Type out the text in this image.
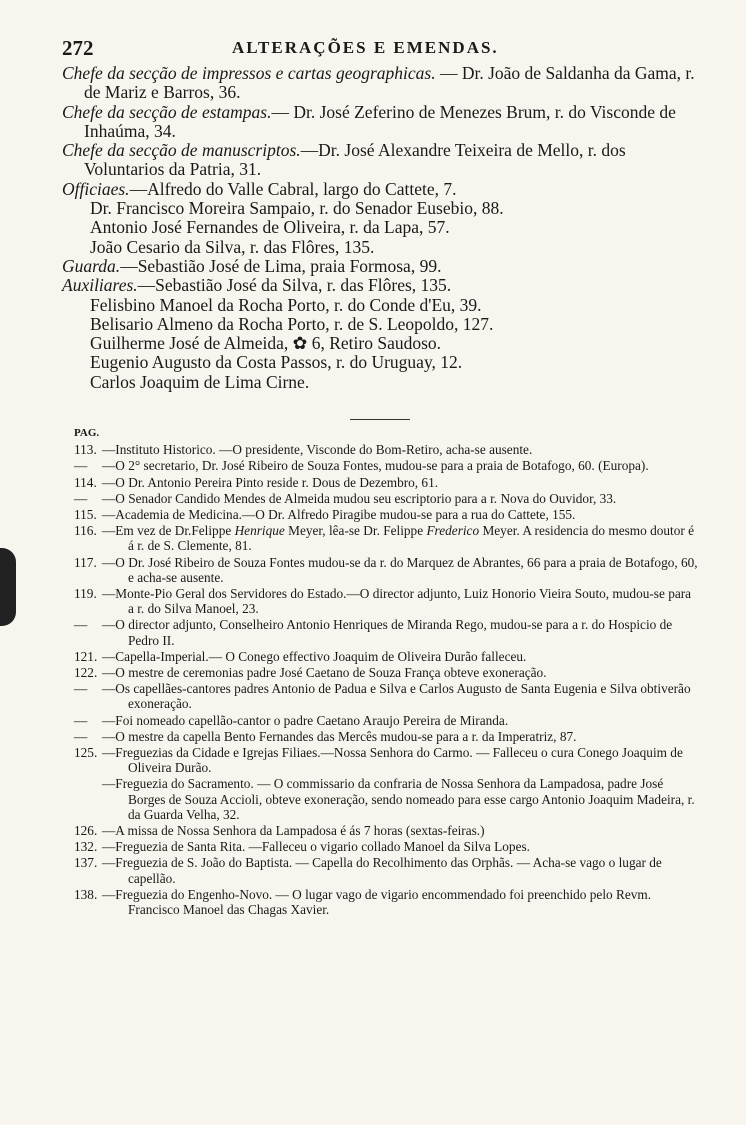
272	ALTERAÇÕES E EMENDAS.

Chefe da secção de impressos e cartas geographicas. — Dr. João de Saldanha da Gama, r. de Mariz e Barros, 36.

Chefe da secção de estampas.— Dr. José Zeferino de Menezes Brum, r. do Visconde de Inhaúma, 34.

Chefe da secção de manuscriptos.—Dr. José Alexandre Teixeira de Mello, r. dos Voluntarios da Patria, 31.

Officiaes.—Alfredo do Valle Cabral, largo do Cattete, 7.

Dr. Francisco Moreira Sampaio, r. do Senador Eusebio, 88.

Antonio José Fernandes de Oliveira, r. da Lapa, 57.

João Cesario da Silva, r. das Flôres, 135.

Guarda.—Sebastião José de Lima, praia Formosa, 99.

Auxiliares.—Sebastião José da Silva, r. das Flôres, 135.

Felisbino Manoel da Rocha Porto, r. do Conde d'Eu, 39.

Belisario Almeno da Rocha Porto, r. de S. Leopoldo, 127.

Guilherme José de Almeida, ✿ 6, Retiro Saudoso.

Eugenio Augusto da Costa Passos, r. do Uruguay, 12.

Carlos Joaquim de Lima Cirne.

PAG.

113. —Instituto Historico. —O presidente, Visconde do Bom-Retiro, acha-se ausente.

— —O 2° secretario, Dr. José Ribeiro de Souza Fontes, mudou-se para a praia de Botafogo, 60. (Europa).

114. —O Dr. Antonio Pereira Pinto reside r. Dous de Dezembro, 61.

— —O Senador Candido Mendes de Almeida mudou seu escriptorio para a r. Nova do Ouvidor, 33.

115. —Academia de Medicina.—O Dr. Alfredo Piragibe mudou-se para a rua do Cattete, 155.

116. —Em vez de Dr.Felippe Henrique Meyer, lêa-se Dr. Felippe Frederico Meyer. A residencia do mesmo doutor é á r. de S. Clemente, 81.

117. —O Dr. José Ribeiro de Souza Fontes mudou-se da r. do Marquez de Abrantes, 66 para a praia de Botafogo, 60, e acha-se ausente.

119. —Monte-Pio Geral dos Servidores do Estado.—O director adjunto, Luiz Honorio Vieira Souto, mudou-se para a r. do Silva Manoel, 23.

— —O director adjunto, Conselheiro Antonio Henriques de Miranda Rego, mudou-se para a r. do Hospicio de Pedro II.

121. —Capella-Imperial.— O Conego effectivo Joaquim de Oliveira Durão falleceu.

122. —O mestre de ceremonias padre José Caetano de Souza França obteve exoneração.

— —Os capellães-cantores padres Antonio de Padua e Silva e Carlos Augusto de Santa Eugenia e Silva obtiverão exoneração.

— —Foi nomeado capellão-cantor o padre Caetano Araujo Pereira de Miranda.

— —O mestre da capella Bento Fernandes das Mercês mudou-se para a r. da Imperatriz, 87.

125. —Freguezias da Cidade e Igrejas Filiaes.—Nossa Senhora do Carmo. — Falleceu o cura Conego Joaquim de Oliveira Durão.

—Freguezia do Sacramento. — O commissario da confraria de Nossa Senhora da Lampadosa, padre José Borges de Souza Accioli, obteve exoneração, sendo nomeado para esse cargo Antonio Joaquim Madeira, r. da Guarda Velha, 32.

126. —A missa de Nossa Senhora da Lampadosa é ás 7 horas (sextas-feiras.)

132. —Freguezia de Santa Rita. —Falleceu o vigario collado Manoel da Silva Lopes.

137. —Freguezia de S. João do Baptista. — Capella do Recolhimento das Orphãs. — Acha-se vago o lugar de capellão.

138. —Freguezia do Engenho-Novo. — O lugar vago de vigario encommendado foi preenchido pelo Revm. Francisco Manoel das Chagas Xavier.
